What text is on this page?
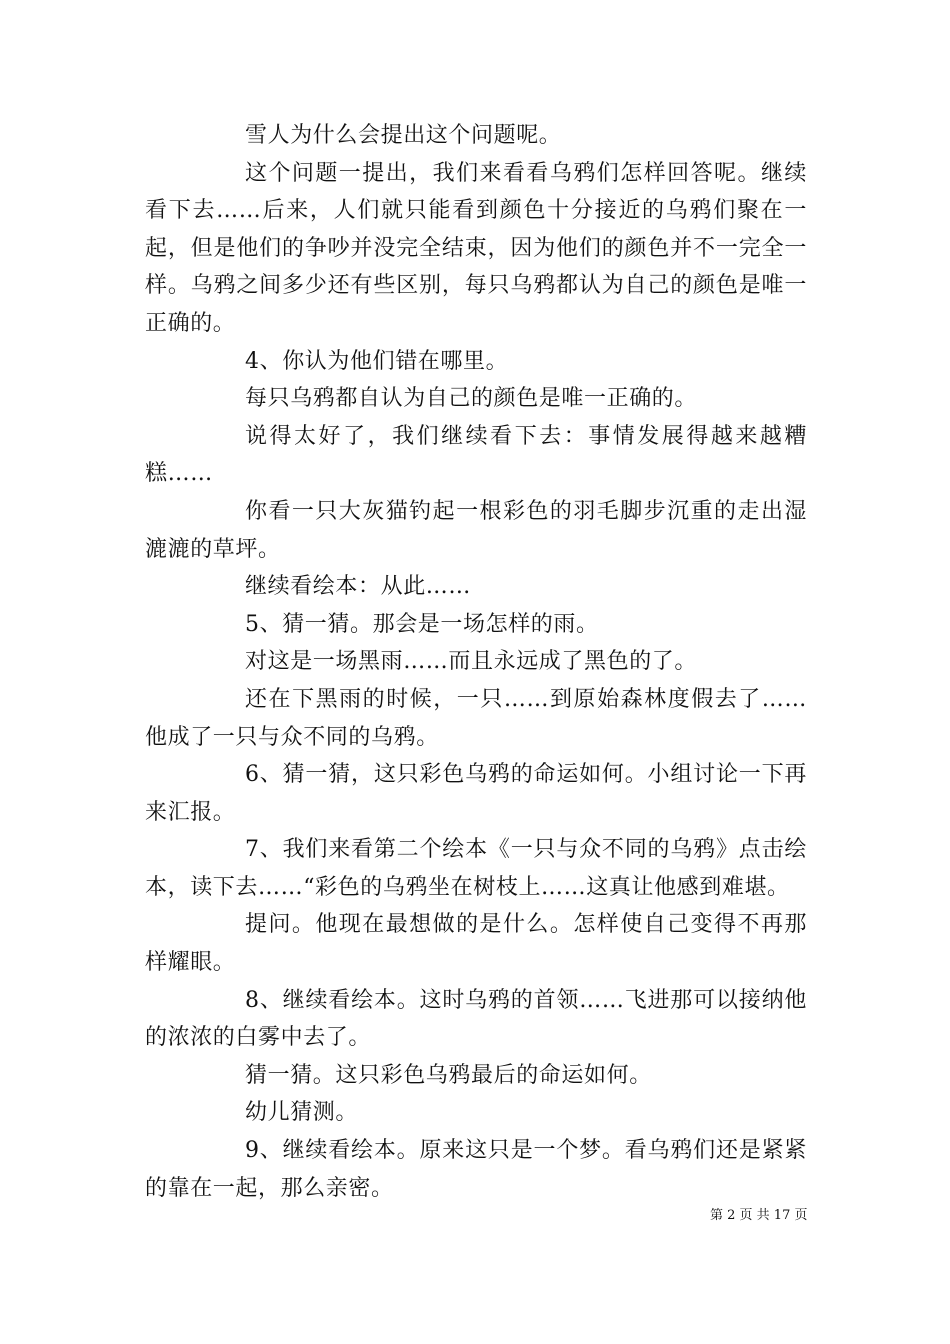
雪人为什么会提出这个问题呢。

这个问题一提出，我们来看看乌鸦们怎样回答呢。继续看下去……后来，人们就只能看到颜色十分接近的乌鸦们聚在一起，但是他们的争吵并没完全结束，因为他们的颜色并不一完全一样。乌鸦之间多少还有些区别，每只乌鸦都认为自己的颜色是唯一正确的。

4、你认为他们错在哪里。

每只乌鸦都自认为自己的颜色是唯一正确的。

说得太好了，我们继续看下去：事情发展得越来越糟糕……

你看一只大灰猫钓起一根彩色的羽毛脚步沉重的走出湿漉漉的草坪。

继续看绘本：从此……

5、猜一猜。那会是一场怎样的雨。

对这是一场黑雨……而且永远成了黑色的了。

还在下黑雨的时候，一只……到原始森林度假去了……他成了一只与众不同的乌鸦。

6、猜一猜，这只彩色乌鸦的命运如何。小组讨论一下再来汇报。

7、我们来看第二个绘本《一只与众不同的乌鸦》点击绘本，读下去……“彩色的乌鸦坐在树枝上……这真让他感到难堪。

提问。他现在最想做的是什么。怎样使自己变得不再那样耀眼。

8、继续看绘本。这时乌鸦的首领……飞进那可以接纳他的浓浓的白雾中去了。

猜一猜。这只彩色乌鸦最后的命运如何。

幼儿猜测。

9、继续看绘本。原来这只是一个梦。看乌鸦们还是紧紧的靠在一起，那么亲密。

第 2 页 共 17 页
